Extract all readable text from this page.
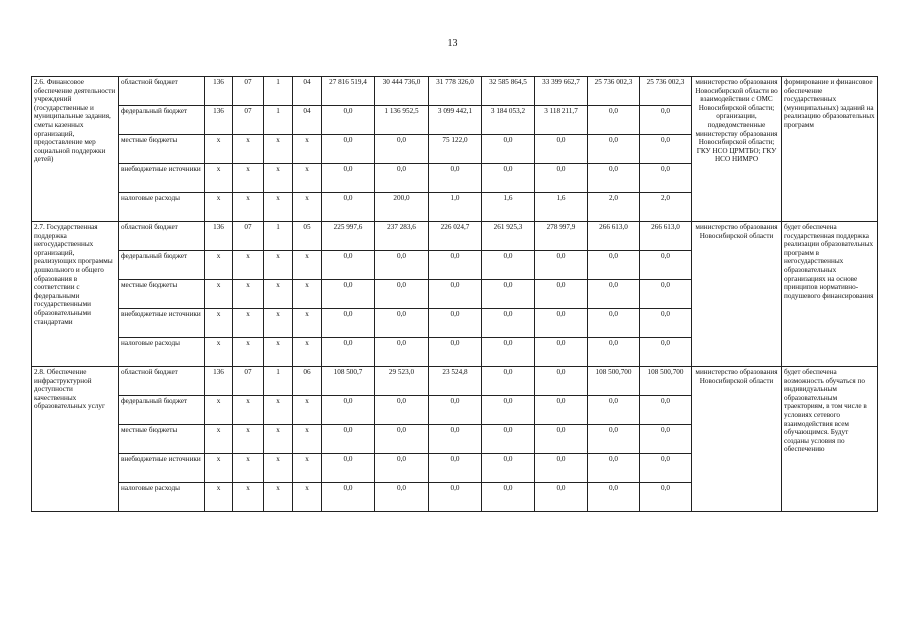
13
2.6. Финансовое обеспечение деятельности учреждений (государственные и муниципальные задания, сметы казенных организаций, предоставление мер социальной поддержки детей)	областной бюджет	136	07	1	04	27 816 519,4	30 444 736,0	31 778 326,0	32 585 864,5	33 399 662,7	25 736 002,3	25 736 002,3	министерство образования Новосибирской области во взаимодействии с ОМС Новосибирской области; организации, подведомственные министерству образования Новосибирской области; ГКУ НСО ЦРМТБО; ГКУ НСО НИМРО	формирование и финансовое обеспечение государственных (муниципальных) заданий на реализацию образовательных программ
	федеральный бюджет	136	07	1	04	0,0	1 136 952,5	3 099 442,1	3 184 053,2	3 118 211,7	0,0	0,0		
	местные бюджеты	x	x	x	x	0,0	0,0	75 122,0	0,0	0,0	0,0	0,0		
	внебюджетные источники	x	x	x	x	0,0	0,0	0,0	0,0	0,0	0,0	0,0		
	налоговые расходы	x	x	x	x	0,0	200,0	1,0	1,6	1,6	2,0	2,0		
2.7. Государственная поддержка негосударственных организаций, реализующих программы дошкольного и общего образования в соответствии с федеральными государственными образовательными стандартами	областной бюджет	136	07	1	05	225 997,6	237 283,6	226 024,7	261 925,3	278 997,9	266 613,0	266 613,0	министерство образования Новосибирской области	будет обеспечена государственная поддержка реализации образовательных программ в негосударственных образовательных организациях на основе принципов нормативно-подушевого финансирования
	федеральный бюджет	x	x	x	x	0,0	0,0	0,0	0,0	0,0	0,0	0,0		
	местные бюджеты	x	x	x	x	0,0	0,0	0,0	0,0	0,0	0,0	0,0		
	внебюджетные источники	x	x	x	x	0,0	0,0	0,0	0,0	0,0	0,0	0,0		
	налоговые расходы	x	x	x	x	0,0	0,0	0,0	0,0	0,0	0,0	0,0		
2.8. Обеспечение инфраструктурной доступности качественных образовательных услуг	областной бюджет	136	07	1	06	108 500,7	29 523,0	23 524,8	0,0	0,0	108 500,700	108 500,700	министерство образования Новосибирской области	будет обеспечена возможность обучаться по индивидуальным образовательным траекториям, в том числе в условиях сетевого взаимодействия всем обучающимся. Будут созданы условия по обеспечению
	федеральный бюджет	x	x	x	x	0,0	0,0	0,0	0,0	0,0	0,0	0,0		
	местные бюджеты	x	x	x	x	0,0	0,0	0,0	0,0	0,0	0,0	0,0		
	внебюджетные источники	x	x	x	x	0,0	0,0	0,0	0,0	0,0	0,0	0,0		
	налоговые расходы	x	x	x	x	0,0	0,0	0,0	0,0	0,0	0,0	0,0		
